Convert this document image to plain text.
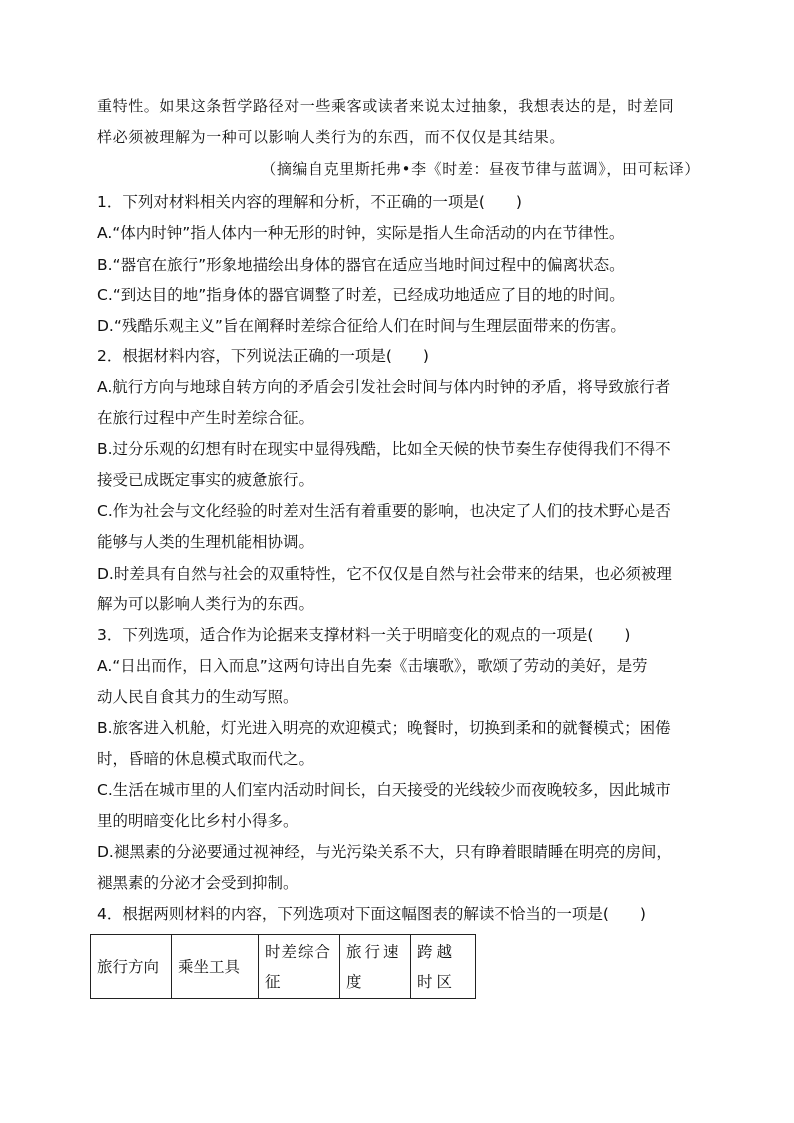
重特性。如果这条哲学路径对一些乘客或读者来说太过抽象，我想表达的是，时差同
样必须被理解为一种可以影响人类行为的东西，而不仅仅是其结果。
（摘编自克里斯托弗•李《时差：昼夜节律与蓝调》，田可耘译）
1．下列对材料相关内容的理解和分析，不正确的一项是(　　)
A.“体内时钟”指人体内一种无形的时钟，实际是指人生命活动的内在节律性。
B.“器官在旅行”形象地描绘出身体的器官在适应当地时间过程中的偏离状态。
C.“到达目的地”指身体的器官调整了时差，已经成功地适应了目的地的时间。
D.“残酷乐观主义”旨在阐释时差综合征给人们在时间与生理层面带来的伤害。
2．根据材料内容，下列说法正确的一项是(　　)
A.航行方向与地球自转方向的矛盾会引发社会时间与体内时钟的矛盾，将导致旅行者
在旅行过程中产生时差综合征。
B.过分乐观的幻想有时在现实中显得残酷，比如全天候的快节奏生存使得我们不得不
接受已成既定事实的疲惫旅行。
C.作为社会与文化经验的时差对生活有着重要的影响，也决定了人们的技术野心是否
能够与人类的生理机能相协调。
D.时差具有自然与社会的双重特性，它不仅仅是自然与社会带来的结果，也必须被理
解为可以影响人类行为的东西。
3．下列选项，适合作为论据来支撑材料一关于明暗变化的观点的一项是(　　)
A.“日出而作，日入而息”这两句诗出自先秦《击壤歌》，歌颂了劳动的美好，是劳
动人民自食其力的生动写照。
B.旅客进入机舱，灯光进入明亮的欢迎模式；晚餐时，切换到柔和的就餐模式；困倦
时，昏暗的休息模式取而代之。
C.生活在城市里的人们室内活动时间长，白天接受的光线较少而夜晚较多，因此城市
里的明暗变化比乡村小得多。
D.褪黑素的分泌要通过视神经，与光污染关系不大，只有睁着眼睛睡在明亮的房间，
褪黑素的分泌才会受到抑制。
4．根据两则材料的内容，下列选项对下面这幅图表的解读不恰当的一项是(　　)
旅行方向	乘坐工具	时差综合征	旅行速度	跨越时区
